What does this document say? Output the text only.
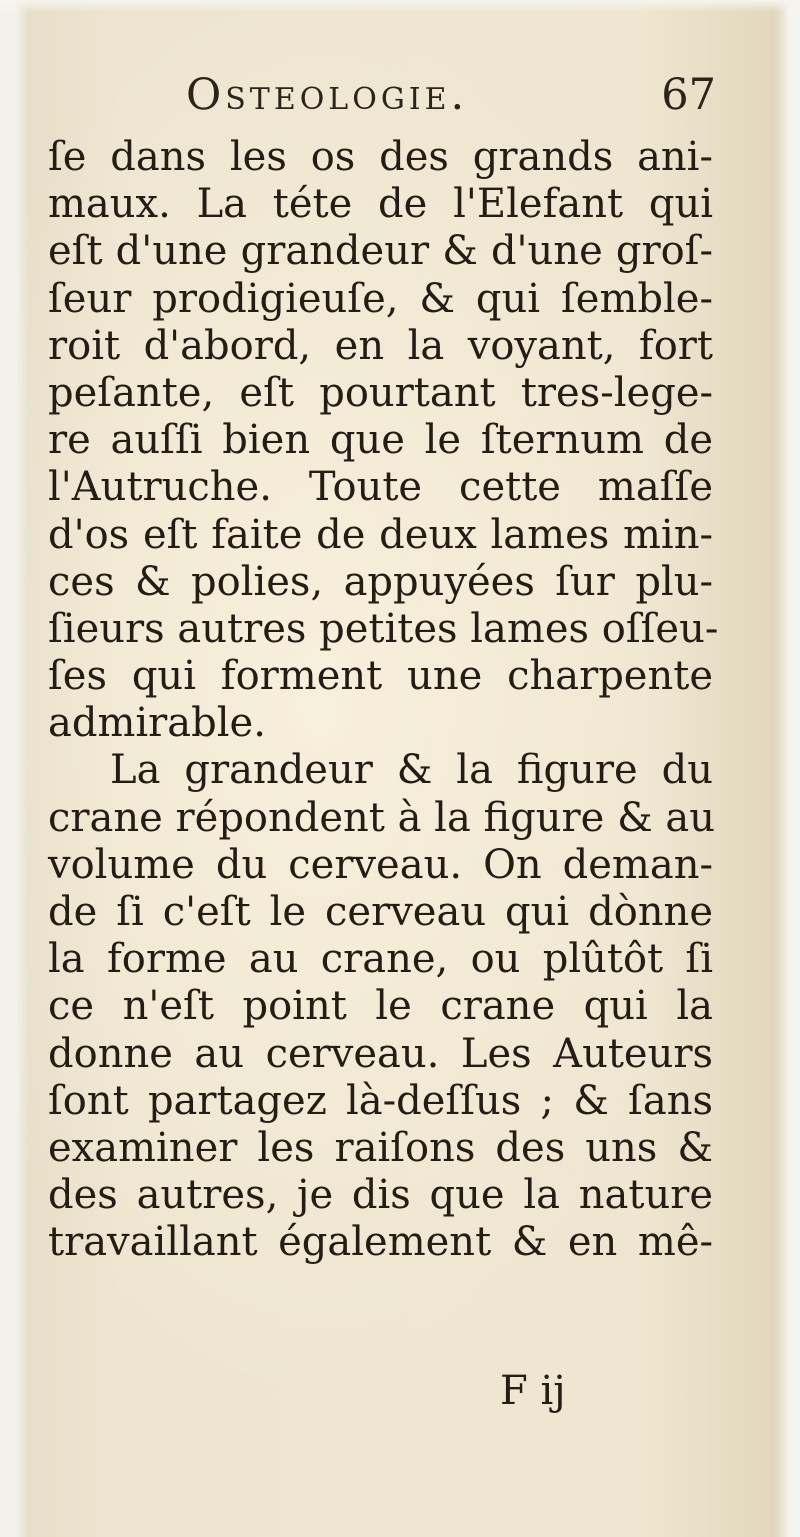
Osteologie.	67
ſe dans les os des grands ani-
maux. La téte de l'Elefant qui
eſt d'une grandeur & d'une groſ-
ſeur prodigieuſe, & qui ſemble-
roit d'abord, en la voyant, fort
peſante, eſt pourtant tres-lege-
re auſſi bien que le ſternum de
l'Autruche. Toute cette maſſe
d'os eſt faite de deux lames min-
ces & polies, appuyées ſur plu-
ſieurs autres petites lames oſſeu-
ſes qui forment une charpente
admirable.
La grandeur & la figure du
crane répondent à la figure & au
volume du cerveau. On deman-
de ſi c'eſt le cerveau qui dònne
la forme au crane, ou plûtôt ſi
ce n'eſt point le crane qui la
donne au cerveau. Les Auteurs
ſont partagez là-deſſus ; & ſans
examiner les raiſons des uns &
des autres, je dis que la nature
travaillant également & en mê-
F ij
